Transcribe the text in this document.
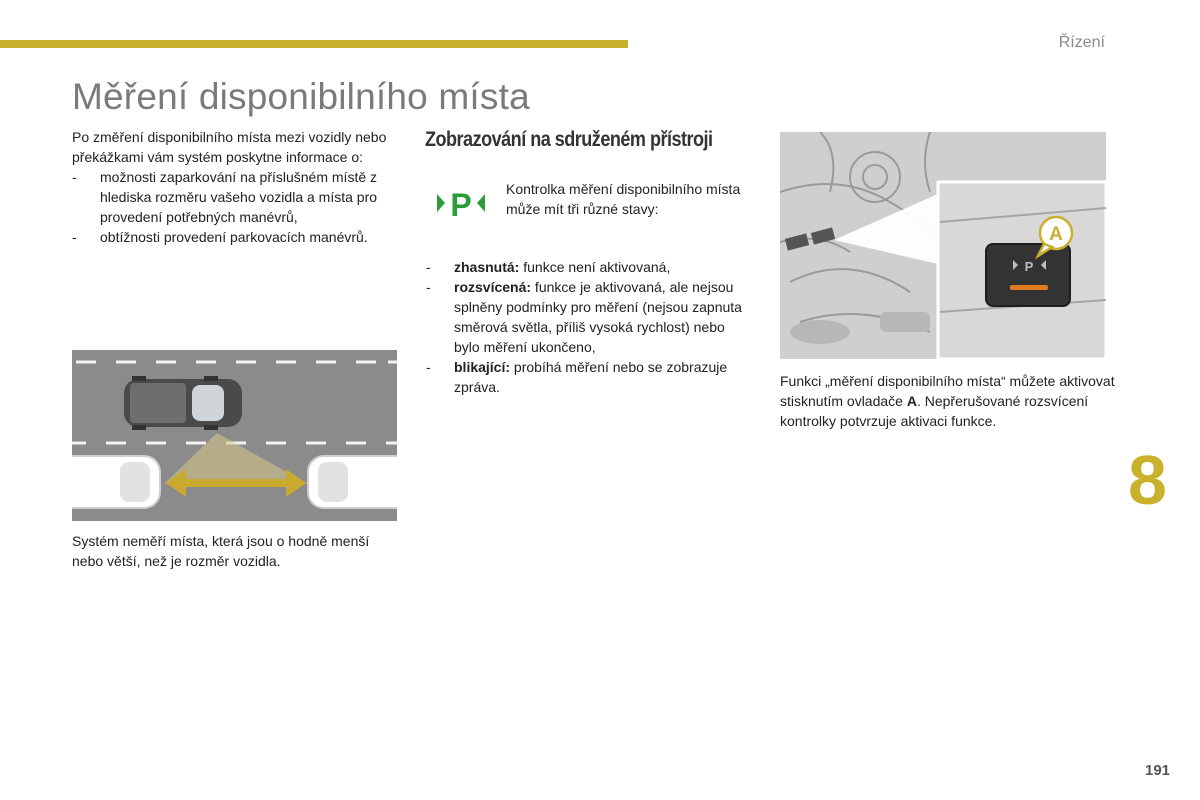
Řízení
Měření disponibilního místa

Po změření disponibilního místa mezi vozidly nebo překážkami vám systém poskytne informace o:

- možnosti zaparkování na příslušném místě z hlediska rozměru vašeho vozidla a místa pro provedení potřebných manévrů,
- obtížnosti provedení parkovacích manévrů.
Systém neměří místa, která jsou o hodně menší nebo větší, než je rozměr vozidla.
Zobrazování na sdruženém přístroji
P Kontrolka měření disponibilního místa může mít tři různé stavy:
- zhasnutá: funkce není aktivovaná,
- rozsvícená: funkce je aktivovaná, ale nejsou splněny podmínky pro měření (nejsou zapnuta směrová světla, příliš vysoká rychlost) nebo bylo měření ukončeno,
- blikající: probíhá měření nebo se zobrazuje zpráva.
P
A
Funkci „měření disponibilního místa“ můžete aktivovat stisknutím ovladače A. Nepřerušované rozsvícení kontrolky potvrzuje aktivaci funkce.
8
191
